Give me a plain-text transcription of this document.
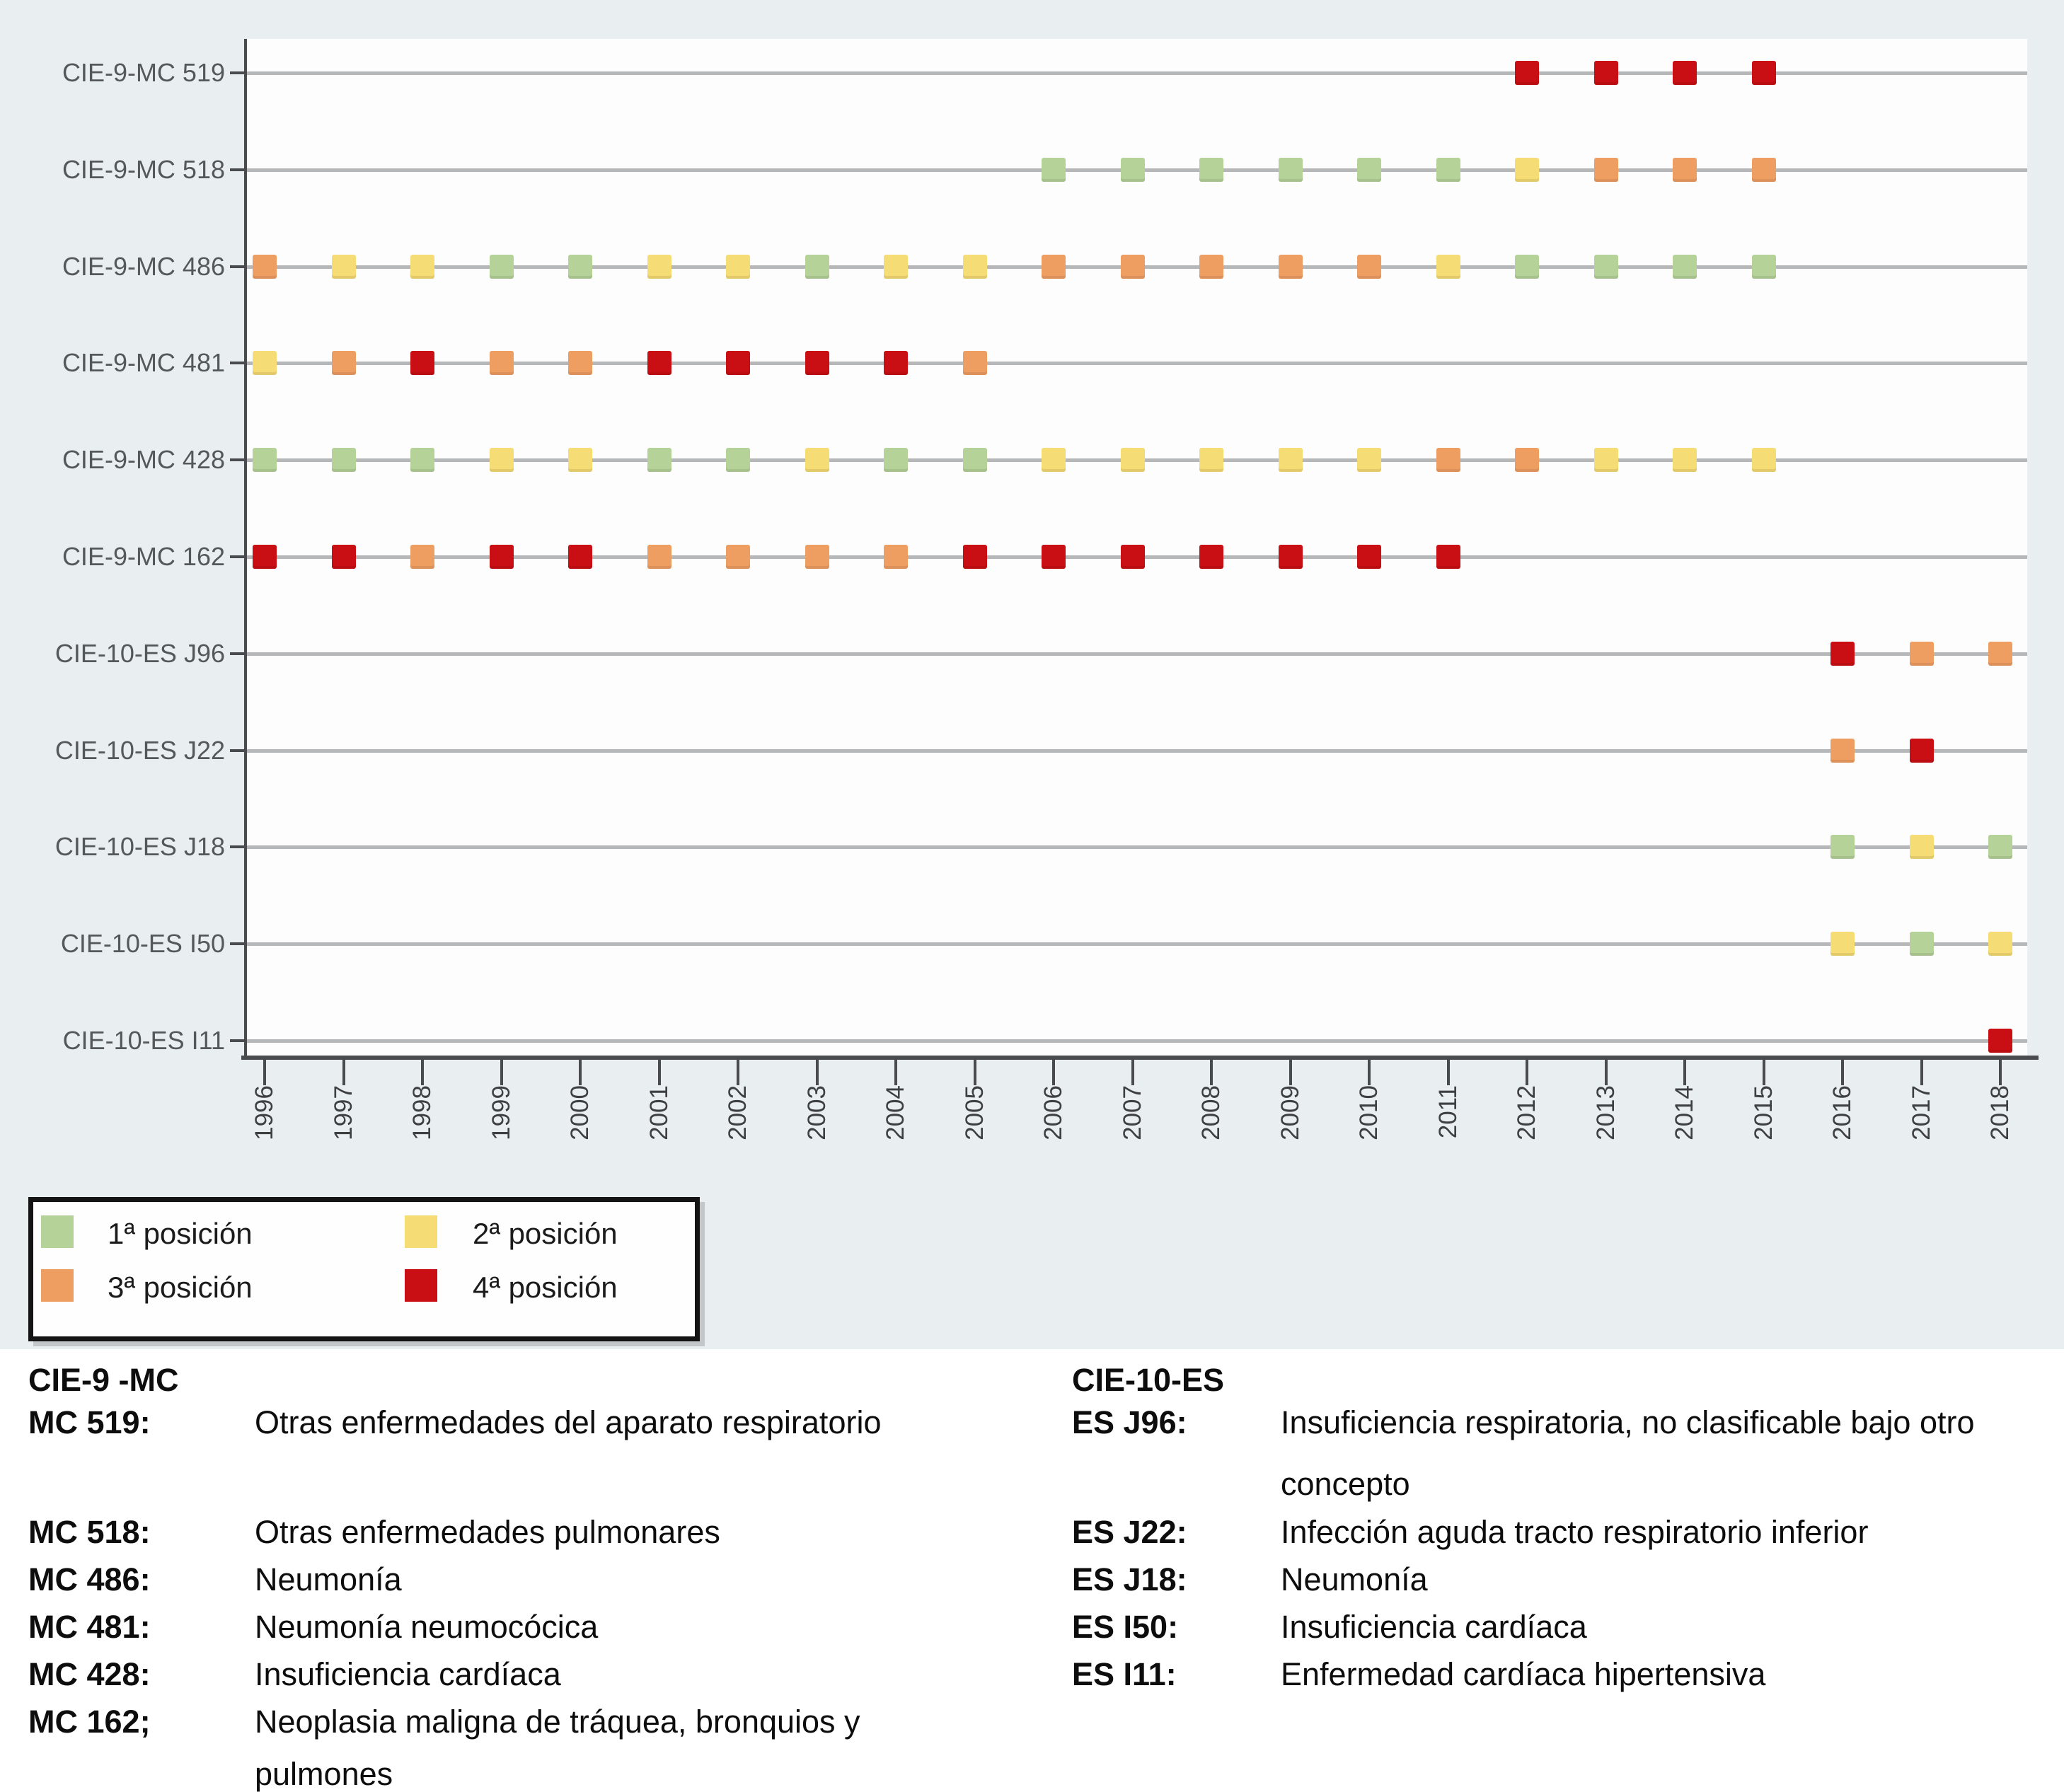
CIE-9-MC 519
CIE-9-MC 518
CIE-9-MC 486
CIE-9-MC 481
CIE-9-MC 428
CIE-9-MC 162
CIE-10-ES J96
CIE-10-ES J22
CIE-10-ES J18
CIE-10-ES I50
CIE-10-ES I11
1996 1997 1998 1999 2000 2001 2002 2003 2004 2005 2006 2007 2008 2009 2010 2011 2012 2013 2014 2015 2016 2017 2018
1ª posición	2ª posición
3ª posición	4ª posición
CIE-9 -MC	CIE-10-ES
MC 519:	Otras enfermedades del aparato respiratorio
MC 518:	Otras enfermedades pulmonares
MC 486:	Neumonía
MC 481:	Neumonía neumocócica
MC 428:	Insuficiencia cardíaca
MC 162;	Neoplasia maligna de tráquea, bronquios y
pulmones
ES J96:	Insuficiencia respiratoria, no clasificable bajo otro
concepto
ES J22:	Infección aguda tracto respiratorio inferior
ES J18:	Neumonía
ES I50:	Insuficiencia cardíaca
ES I11:	Enfermedad cardíaca hipertensiva
